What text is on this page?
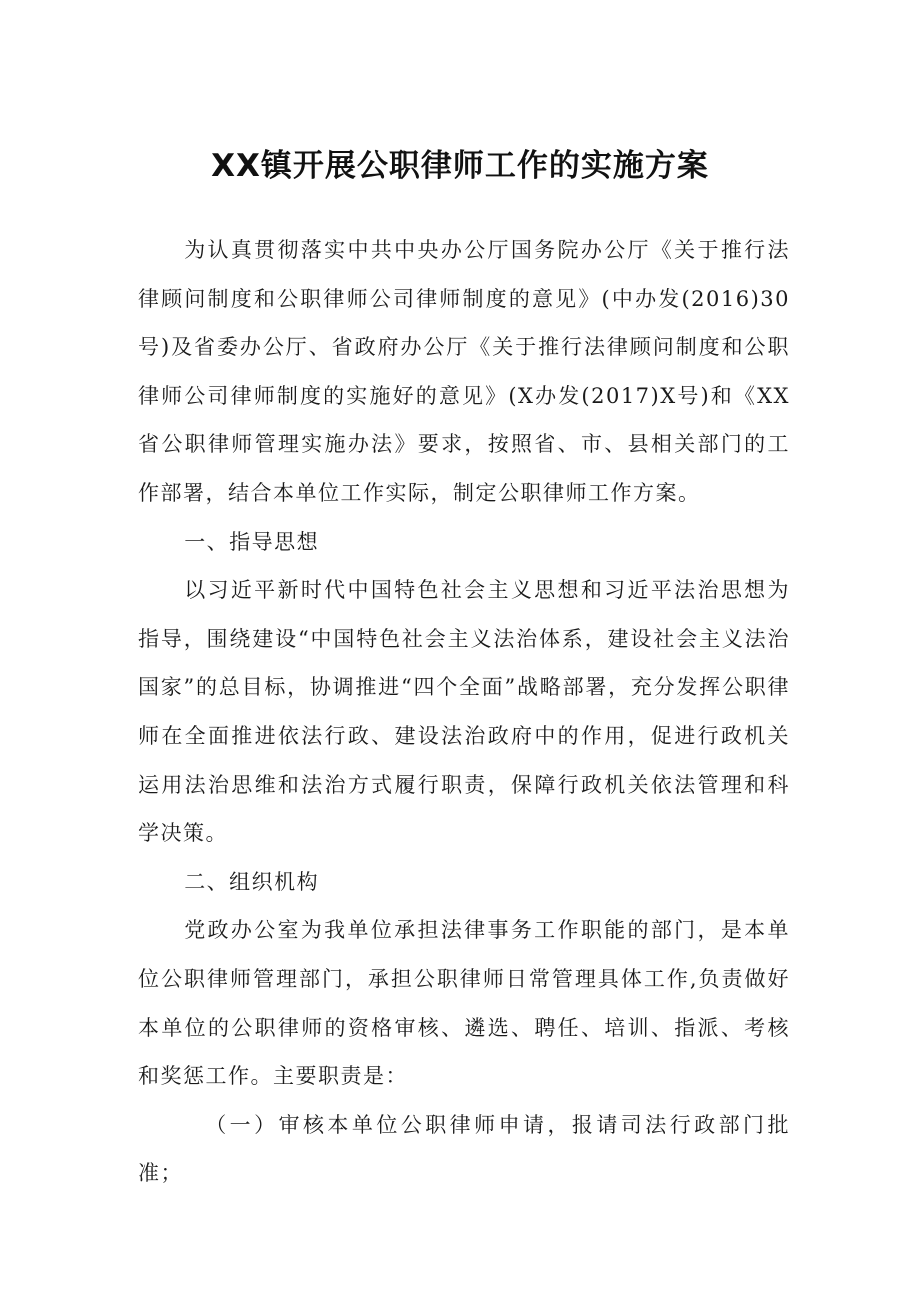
XX镇开展公职律师工作的实施方案

为认真贯彻落实中共中央办公厅国务院办公厅《关于推行法律顾问制度和公职律师公司律师制度的意见》(中办发(2016)30号)及省委办公厅、省政府办公厅《关于推行法律顾问制度和公职律师公司律师制度的实施好的意见》(X办发(2017)X号)和《XX省公职律师管理实施办法》要求，按照省、市、县相关部门的工作部署，结合本单位工作实际，制定公职律师工作方案。

一、指导思想

以习近平新时代中国特色社会主义思想和习近平法治思想为指导，围绕建设“中国特色社会主义法治体系，建设社会主义法治国家”的总目标，协调推进“四个全面”战略部署，充分发挥公职律师在全面推进依法行政、建设法治政府中的作用，促进行政机关运用法治思维和法治方式履行职责，保障行政机关依法管理和科学决策。

二、组织机构

党政办公室为我单位承担法律事务工作职能的部门，是本单位公职律师管理部门，承担公职律师日常管理具体工作,负责做好本单位的公职律师的资格审核、遴选、聘任、培训、指派、考核和奖惩工作。主要职责是：

（一）审核本单位公职律师申请，报请司法行政部门批准；
